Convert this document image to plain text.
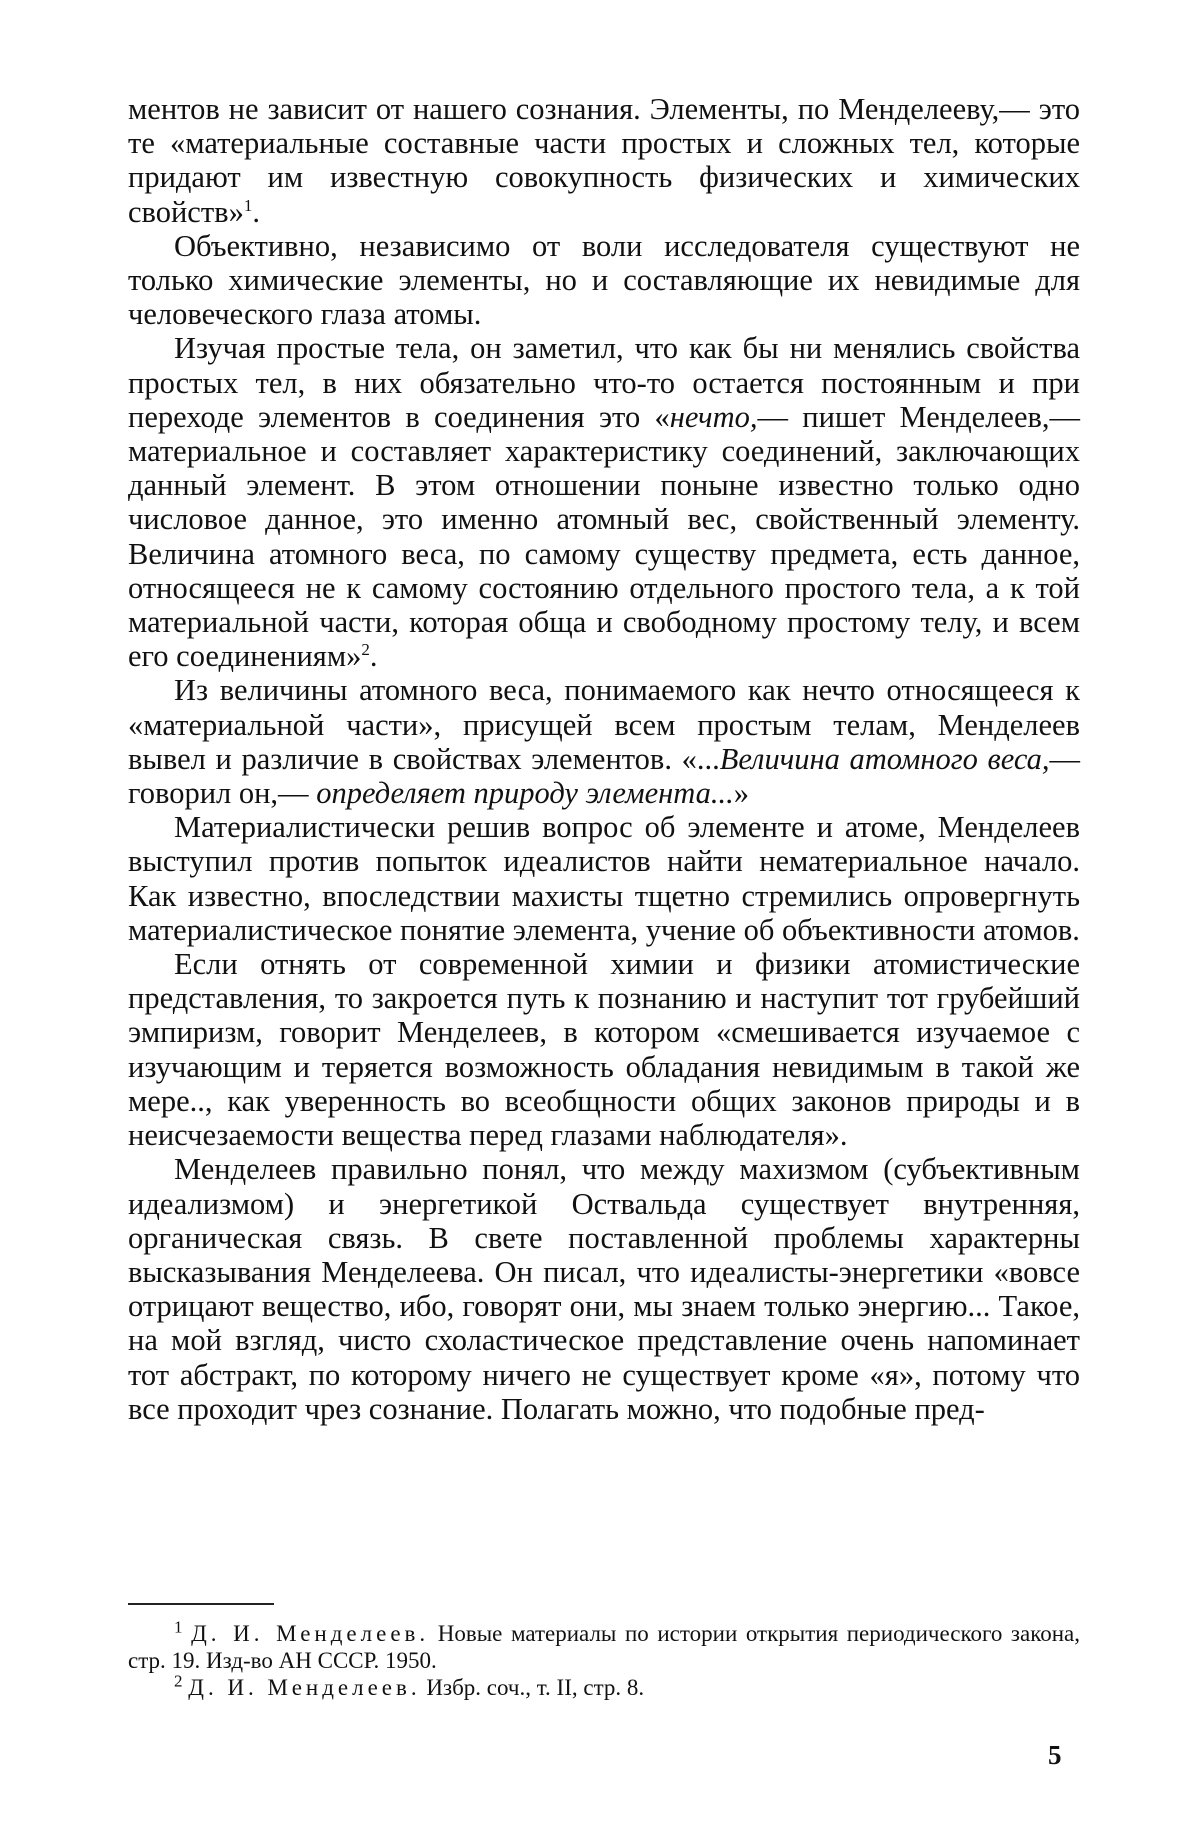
ментов не зависит от нашего сознания. Элементы, по Менделееву,— это те «материальные составные части простых и сложных тел, которые придают им известную совокупность физических и химических свойств»$^1$.

Объективно, независимо от воли исследователя существуют не только химические элементы, но и составляющие их невидимые для человеческого глаза атомы.

Изучая простые тела, он заметил, что как бы ни менялись свойства простых тел, в них обязательно что-то остается постоянным и при переходе элементов в соединения это «нечто,— пишет Менделеев,— материальное и составляет характеристику соединений, заключающих данный элемент. В этом отношении поныне известно только одно числовое данное, это именно атомный вес, свойственный элементу. Величина атомного веса, по самому существу предмета, есть данное, относящееся не к самому состоянию отдельного простого тела, а к той материальной части, которая обща и свободному простому телу, и всем его соединениям»$^2$.

Из величины атомного веса, понимаемого как нечто относящееся к «материальной части», присущей всем простым телам, Менделеев вывел и различие в свойствах элементов. «...Величина атомного веса,— говорил он,— определяет природу элемента...»

Материалистически решив вопрос об элементе и атоме, Менделеев выступил против попыток идеалистов найти нематериальное начало. Как известно, впоследствии махисты тщетно стремились опровергнуть материалистическое понятие элемента, учение об объективности атомов.

Если отнять от современной химии и физики атомистические представления, то закроется путь к познанию и наступит тот грубейший эмпиризм, говорит Менделеев, в котором «смешивается изучаемое с изучающим и теряется возможность обладания невидимым в такой же мере.., как уверенность во всеобщности общих законов природы и в неисчезаемости вещества перед глазами наблюдателя».

Менделеев правильно понял, что между махизмом (субъективным идеализмом) и энергетикой Оствальда существует внутренняя, органическая связь. В свете поставленной проблемы характерны высказывания Менделеева. Он писал, что идеалисты-энергетики «вовсе отрицают вещество, ибо, говорят они, мы знаем только энергию... Такое, на мой взгляд, чисто схоластическое представление очень напоминает тот абстракт, по которому ничего не существует кроме «я», потому что все проходит чрез сознание. Полагать можно, что подобные пред-

$^1$ Д. И. Менделеев. Новые материалы по истории открытия периодического закона, стр. 19. Изд-во АН СССР. 1950.

$^2$ Д. И. Менделеев. Избр. соч., т. II, стр. 8.

5
